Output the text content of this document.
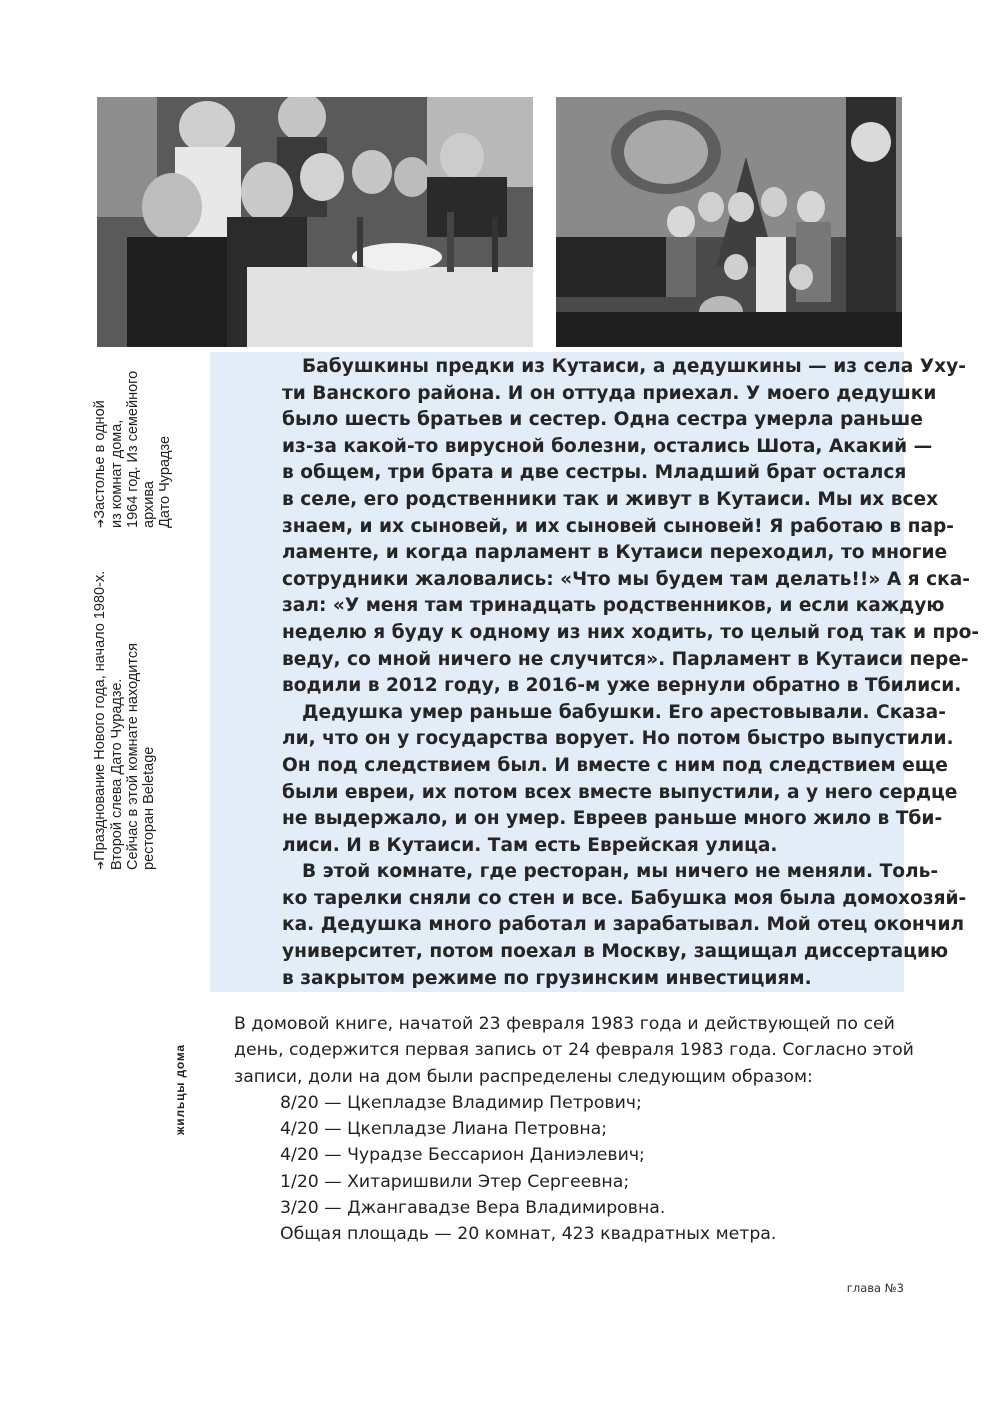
➔Застолье в одной из комнат дома, 1964 год. Из семейного архива Дато Чурадзе
➔Празднование Нового года, начало 1980-х. Второй слева Дато Чурадзе. Сейчас в этой комнате находится ресторан Beletage
жильцы дома
Бабушкины предки из Кутаиси, а дедушкины — из села Уху-
ти Ванского района. И он оттуда приехал. У моего дедушки
было шесть братьев и сестер. Одна сестра умерла раньше
из-за какой-то вирусной болезни, остались Шота, Акакий —
в общем, три брата и две сестры. Младший брат остался
в селе, его родственники так и живут в Кутаиси. Мы их всех
знаем, и их сыновей, и их сыновей сыновей! Я работаю в пар-
ламенте, и когда парламент в Кутаиси переходил, то многие
сотрудники жаловались: «Что мы будем там делать!!» А я ска-
зал: «У меня там тринадцать родственников, и если каждую
неделю я буду к одному из них ходить, то целый год так и про-
веду, со мной ничего не случится». Парламент в Кутаиси пере-
водили в 2012 году, в 2016-м уже вернули обратно в Тбилиси.
Дедушка умер раньше бабушки. Его арестовывали. Сказа-
ли, что он у государства ворует. Но потом быстро выпустили.
Он под следствием был. И вместе с ним под следствием еще
были евреи, их потом всех вместе выпустили, а у него сердце
не выдержало, и он умер. Евреев раньше много жило в Тби-
лиси. И в Кутаиси. Там есть Еврейская улица.
В этой комнате, где ресторан, мы ничего не меняли. Толь-
ко тарелки сняли со стен и все. Бабушка моя была домохозяй-
ка. Дедушка много работал и зарабатывал. Мой отец окончил
университет, потом поехал в Москву, защищал диссертацию
в закрытом режиме по грузинским инвестициям.
В домовой книге, начатой 23 февраля 1983 года и действующей по сей
день, содержится первая запись от 24 февраля 1983 года. Согласно этой
записи, доли на дом были распределены следующим образом:
8/20 — Цкепладзе Владимир Петрович;
4/20 — Цкепладзе Лиана Петровна;
4/20 — Чурадзе Бессарион Даниэлевич;
1/20 — Хитаришвили Этер Сергеевна;
3/20 — Джангавадзе Вера Владимировна.
Общая площадь — 20 комнат, 423 квадратных метра.
глава №3
